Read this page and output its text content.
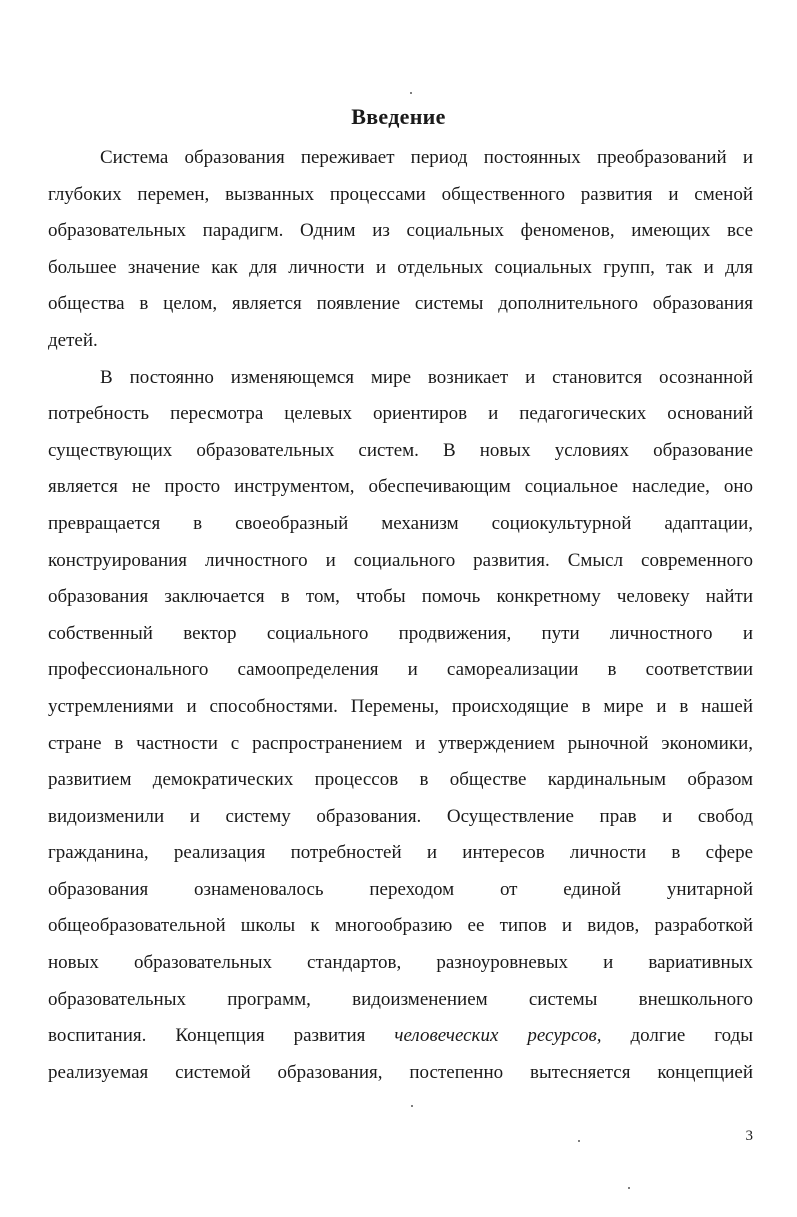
Введение
Система образования переживает период постоянных преобразований и
глубоких перемен, вызванных процессами общественного развития и сменой
образовательных парадигм. Одним из социальных феноменов, имеющих все
большее значение как для личности и отдельных социальных групп, так и для
общества в целом, является появление системы дополнительного образования
детей.
В постоянно изменяющемся мире возникает и становится осознанной
потребность пересмотра целевых ориентиров и педагогических оснований
существующих образовательных систем. В новых условиях образование
является не просто инструментом, обеспечивающим социальное наследие, оно
превращается в своеобразный механизм социокультурной адаптации,
конструирования личностного и социального развития. Смысл современного
образования заключается в том, чтобы помочь конкретному человеку найти
собственный вектор социального продвижения, пути личностного и
профессионального самоопределения и самореализации в соответствии
устремлениями и способностями. Перемены, происходящие в мире и в нашей
стране в частности с распространением и утверждением рыночной экономики,
развитием демократических процессов в обществе кардинальным образом
видоизменили и систему образования. Осуществление прав и свобод
гражданина, реализация потребностей и интересов личности в сфере
образования ознаменовалось переходом от единой унитарной
общеобразовательной школы к многообразию ее типов и видов, разработкой
новых образовательных стандартов, разноуровневых и вариативных
образовательных программ, видоизменением системы внешкольного
воспитания. Концепция развития человеческих ресурсов, долгие годы
реализуемая системой образования, постепенно вытесняется концепцией
3
